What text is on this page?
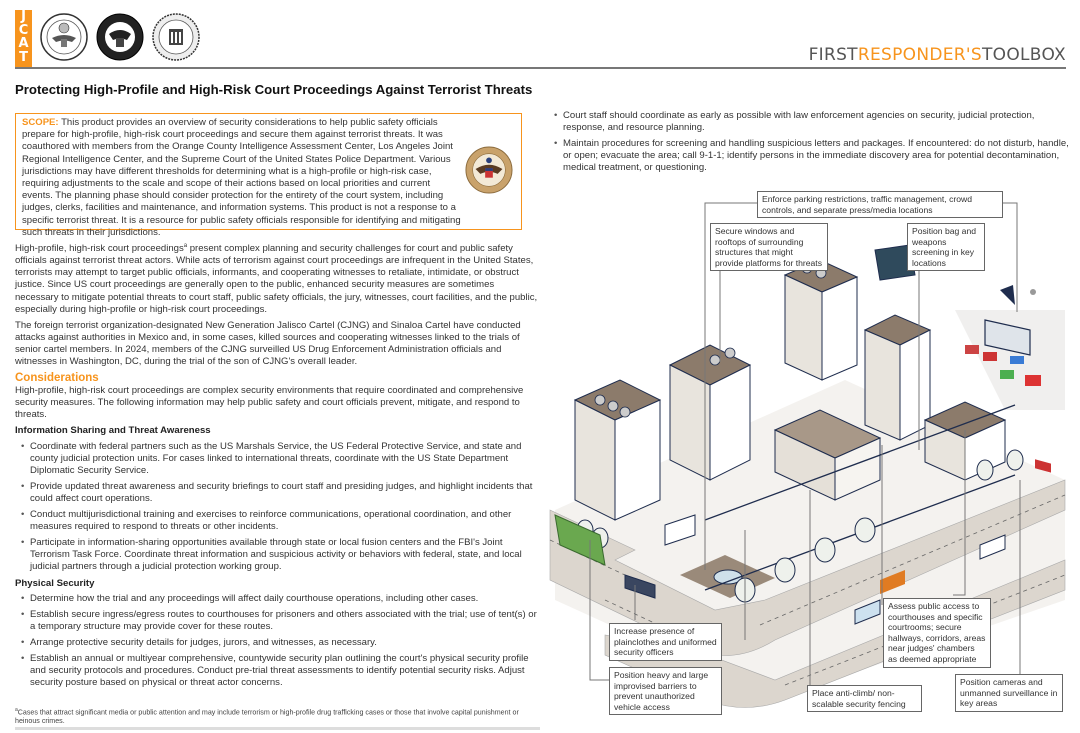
J
C
A
T	FIRSTRESPONDER'STOOLBOX
Protecting High-Profile and High-Risk Court Proceedings Against Terrorist Threats
SCOPE: This product provides an overview of security considerations to help public safety officials prepare for high-profile, high-risk court proceedings and secure them against terrorist threats. It was coauthored with members from the Orange County Intelligence Assessment Center, Los Angeles Joint Regional Intelligence Center, and the Supreme Court of the United States Police Department. Various jurisdictions may have different thresholds for determining what is a high-profile or high-risk case, requiring adjustments to the scale and scope of their actions based on local priorities and current events. The planning phase should consider protection for the entirety of the court system, including judges, clerks, facilities and maintenance, and information systems. This product is not a response to a specific terrorist threat. It is a resource for public safety officials responsible for identifying and mitigating such threats in their jurisdictions.

High-profile, high-risk court proceedings$^a$ present complex planning and security challenges for court and public safety officials against terrorist threat actors. While acts of terrorism against court proceedings are infrequent in the United States, terrorists may attempt to target public officials, informants, and cooperating witnesses to retaliate, intimidate, or obstruct justice. Since US court proceedings are generally open to the public, enhanced security measures are sometimes necessary to mitigate potential threats to court staff, public safety officials, the jury, witnesses, court facilities, and the public, especially during high-profile or high-risk court proceedings.

The foreign terrorist organization-designated New Generation Jalisco Cartel (CJNG) and Sinaloa Cartel have conducted attacks against authorities in Mexico and, in some cases, killed sources and cooperating witnesses linked to the trials of senior cartel members. In 2024, members of the CJNG surveilled US Drug Enforcement Administration officials and witnesses in Washington, DC, during the trial of the son of CJNG's overall leader.

Considerations

High-profile, high-risk court proceedings are complex security environments that require coordinated and comprehensive security measures. The following information may help public safety and court officials prevent, mitigate, and respond to threats.

Information Sharing and Threat Awareness
• Coordinate with federal partners such as the US Marshals Service, the US Federal Protective Service, and state and county judicial protection units. For cases linked to international threats, coordinate with the US State Department Diplomatic Security Service.
• Provide updated threat awareness and security briefings to court staff and presiding judges, and highlight incidents that could affect court operations.
• Conduct multijurisdictional training and exercises to reinforce communications, operational coordination, and other measures required to respond to threats or other incidents.
• Participate in information-sharing opportunities available through state or local fusion centers and the FBI's Joint Terrorism Task Force. Coordinate threat information and suspicious activity or behaviors with federal, state, and local judicial partners through a judicial protection working group.
Physical Security
• Determine how the trial and any proceedings will affect daily courthouse operations, including other cases.
• Establish secure ingress/egress routes to courthouses for prisoners and others associated with the trial; use of tent(s) or a temporary structure may provide cover for these routes.
• Arrange protective security details for judges, jurors, and witnesses, as necessary.
• Establish an annual or multiyear comprehensive, countywide security plan outlining the court's physical security profile and security protocols and procedures. Conduct pre-trial threat assessments to identify potential security risks. Adjust security posture based on physical or threat actor concerns.
$^a$Cases that attract significant media or public attention and may include terrorism or high-profile drug trafficking cases or those that involve capital punishment or heinous crimes.
• Court staff should coordinate as early as possible with law enforcement agencies on security, judicial protection, response, and resource planning.
• Maintain procedures for screening and handling suspicious letters and packages. If encountered: do not disturb, handle, or open; evacuate the area; call 9-1-1; identify persons in the immediate discovery area for potential decontamination, medical treatment, or questioning.
Enforce parking restrictions, traffic management, crowd controls, and separate press/media locations
Secure windows and rooftops of surrounding structures that might provide platforms for threats
Position bag and weapons screening in key locations
Increase presence of plainclothes and uniformed security officers
Position heavy and large improvised barriers to prevent unauthorized vehicle access
Place anti-climb/ non-scalable security fencing
Assess public access to courthouses and specific courtrooms; secure hallways, corridors, areas near judges' chambers as deemed appropriate
Position cameras and unmanned surveillance in key areas
